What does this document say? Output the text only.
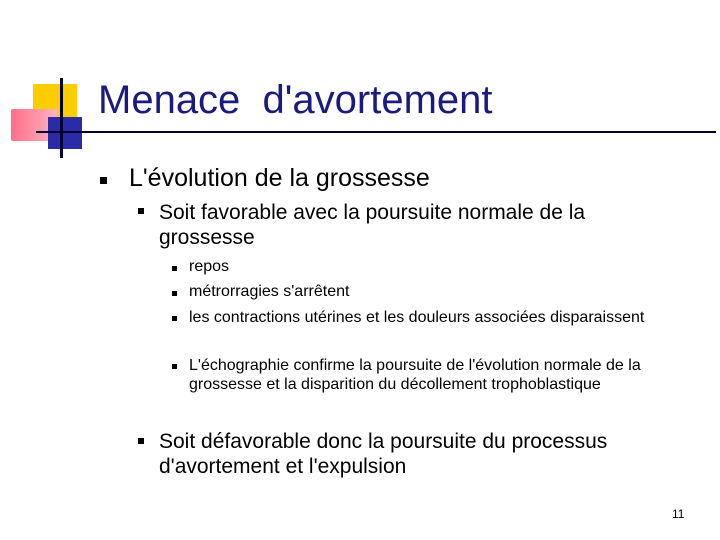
Menace  d'avortement
L'évolution de la grossesse
Soit favorable avec la poursuite normale de la grossesse
repos
métrorragies s'arrêtent
les contractions utérines et les douleurs associées disparaissent
L'échographie confirme la poursuite de l'évolution normale de la grossesse et la disparition du décollement trophoblastique
Soit défavorable donc la poursuite du processus d'avortement et l'expulsion
11
